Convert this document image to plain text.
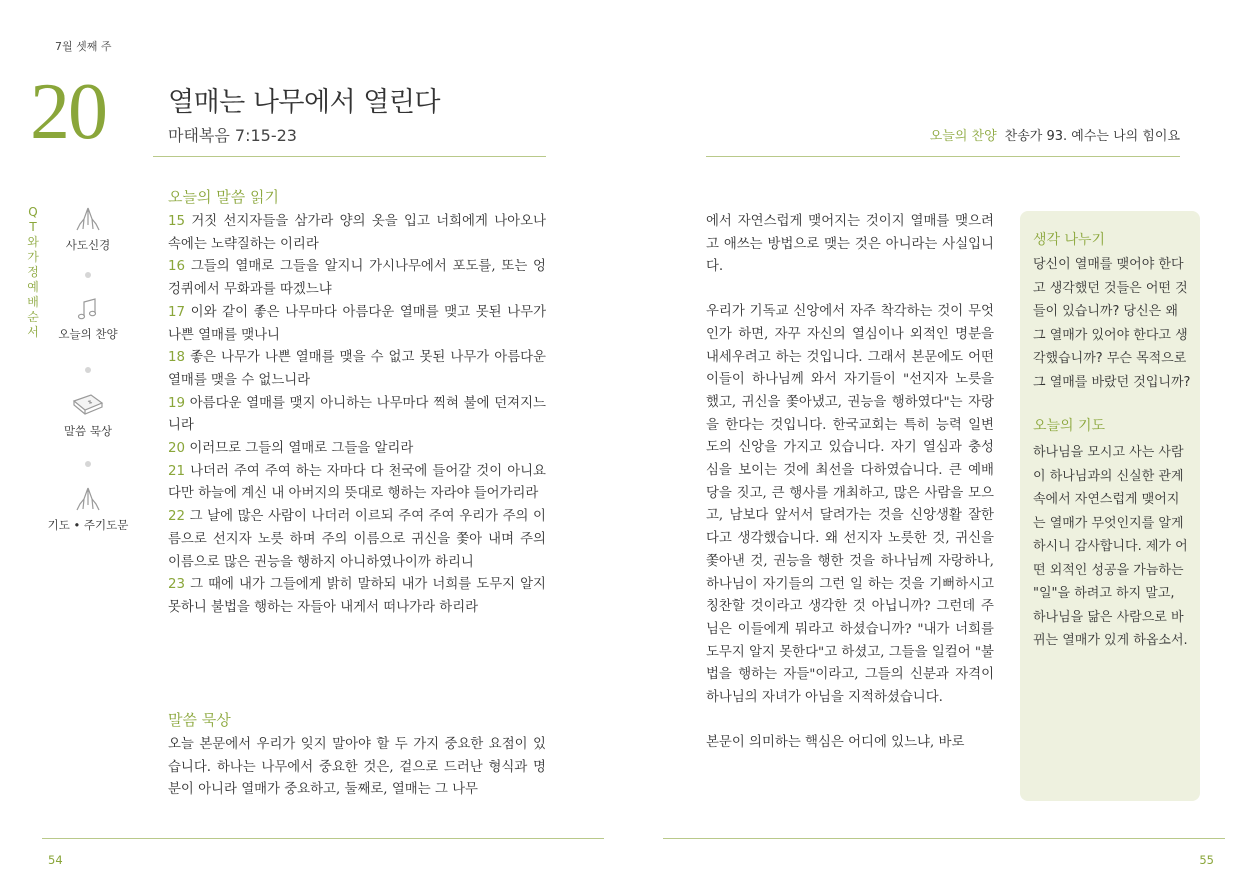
7월 셋째 주
20 열매는 나무에서 열린다
마태복음 7:15-23	오늘의 찬양 찬송가 93. 예수는 나의 힘이요
QT와 가정예배 순서
사도신경
오늘의 찬양
말씀 묵상
기도 • 주기도문
오늘의 말씀 읽기

15 거짓 선지자들을 삼가라 양의 옷을 입고 너희에게 나아오나 속에는 노략질하는 이리라

16 그들의 열매로 그들을 알지니 가시나무에서 포도를, 또는 엉겅퀴에서 무화과를 따겠느냐

17 이와 같이 좋은 나무마다 아름다운 열매를 맺고 못된 나무가 나쁜 열매를 맺나니

18 좋은 나무가 나쁜 열매를 맺을 수 없고 못된 나무가 아름다운 열매를 맺을 수 없느니라

19 아름다운 열매를 맺지 아니하는 나무마다 찍혀 불에 던져지느니라

20 이러므로 그들의 열매로 그들을 알리라

21 나더러 주여 주여 하는 자마다 다 천국에 들어갈 것이 아니요 다만 하늘에 계신 내 아버지의 뜻대로 행하는 자라야 들어가리라

22 그 날에 많은 사람이 나더러 이르되 주여 주여 우리가 주의 이름으로 선지자 노릇 하며 주의 이름으로 귀신을 쫓아 내며 주의 이름으로 많은 권능을 행하지 아니하였나이까 하리니

23 그 때에 내가 그들에게 밝히 말하되 내가 너희를 도무지 알지 못하니 불법을 행하는 자들아 내게서 떠나가라 하리라

말씀 묵상
오늘 본문에서 우리가 잊지 말아야 할 두 가지 중요한 요점이 있습니다. 하나는 나무에서 중요한 것은, 겉으로 드러난 형식과 명분이 아니라 열매가 중요하고, 둘째로, 열매는 그 나무

에서 자연스럽게 맺어지는 것이지 열매를 맺으려고 애쓰는 방법으로 맺는 것은 아니라는 사실입니다.

우리가 기독교 신앙에서 자주 착각하는 것이 무엇인가 하면, 자꾸 자신의 열심이나 외적인 명분을 내세우려고 하는 것입니다. 그래서 본문에도 어떤 이들이 하나님께 와서 자기들이 "선지자 노릇을 했고, 귀신을 쫓아냈고, 권능을 행하였다"는 자랑을 한다는 것입니다. 한국교회는 특히 능력 일변도의 신앙을 가지고 있습니다. 자기 열심과 충성심을 보이는 것에 최선을 다하였습니다. 큰 예배당을 짓고, 큰 행사를 개최하고, 많은 사람을 모으고, 남보다 앞서서 달려가는 것을 신앙생활 잘한다고 생각했습니다. 왜 선지자 노릇한 것, 귀신을 쫓아낸 것, 권능을 행한 것을 하나님께 자랑하나, 하나님이 자기들의 그런 일 하는 것을 기뻐하시고 칭찬할 것이라고 생각한 것 아닙니까? 그런데 주님은 이들에게 뭐라고 하셨습니까? "내가 너희를 도무지 알지 못한다"고 하셨고, 그들을 일컬어 "불법을 행하는 자들"이라고, 그들의 신분과 자격이 하나님의 자녀가 아님을 지적하셨습니다.

본문이 의미하는 핵심은 어디에 있느냐, 바로

생각 나누기
당신이 열매를 맺어야 한다고 생각했던 것들은 어떤 것들이 있습니까? 당신은 왜 그 열매가 있어야 한다고 생각했습니까? 무슨 목적으로 그 열매를 바랐던 것입니까?
오늘의 기도
하나님을 모시고 사는 사람이 하나님과의 신실한 관계 속에서 자연스럽게 맺어지는 열매가 무엇인지를 알게 하시니 감사합니다. 제가 어떤 외적인 성공을 가늠하는 "일"을 하려고 하지 말고, 하나님을 닮은 사람으로 바뀌는 열매가 있게 하옵소서.
54	55
